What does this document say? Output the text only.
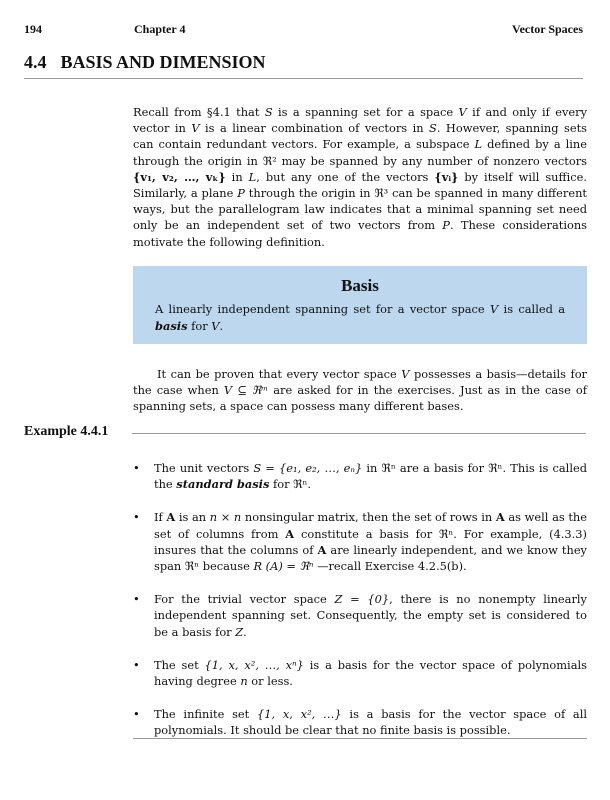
194	Chapter 4	Vector Spaces
4.4 BASIS AND DIMENSION

Recall from §4.1 that S is a spanning set for a space V if and only if every vector in V is a linear combination of vectors in S. However, spanning sets can contain redundant vectors. For example, a subspace L defined by a line through the origin in ℜ² may be spanned by any number of nonzero vectors {v₁, v₂, …, vₖ} in L, but any one of the vectors {vᵢ} by itself will suffice. Similarly, a plane P through the origin in ℜ³ can be spanned in many different ways, but the parallelogram law indicates that a minimal spanning set need only be an independent set of two vectors from P. These considerations motivate the following definition.

Basis
A linearly independent spanning set for a vector space V is called a basis for V.

It can be proven that every vector space V possesses a basis—details for the case when V ⊆ ℜᵐ are asked for in the exercises. Just as in the case of spanning sets, a space can possess many different bases.

Example 4.4.1
• The unit vectors S = {e₁, e₂, …, eₙ} in ℜⁿ are a basis for ℜⁿ. This is called the standard basis for ℜⁿ.
• If A is an n × n nonsingular matrix, then the set of rows in A as well as the set of columns from A constitute a basis for ℜⁿ. For example, (4.3.3) insures that the columns of A are linearly independent, and we know they span ℜⁿ because R (A) = ℜⁿ —recall Exercise 4.2.5(b).
• For the trivial vector space Z = {0}, there is no nonempty linearly independent spanning set. Consequently, the empty set is considered to be a basis for Z.
• The set {1, x, x², …, xⁿ} is a basis for the vector space of polynomials having degree n or less.
• The infinite set {1, x, x², …} is a basis for the vector space of all polynomials. It should be clear that no finite basis is possible.
